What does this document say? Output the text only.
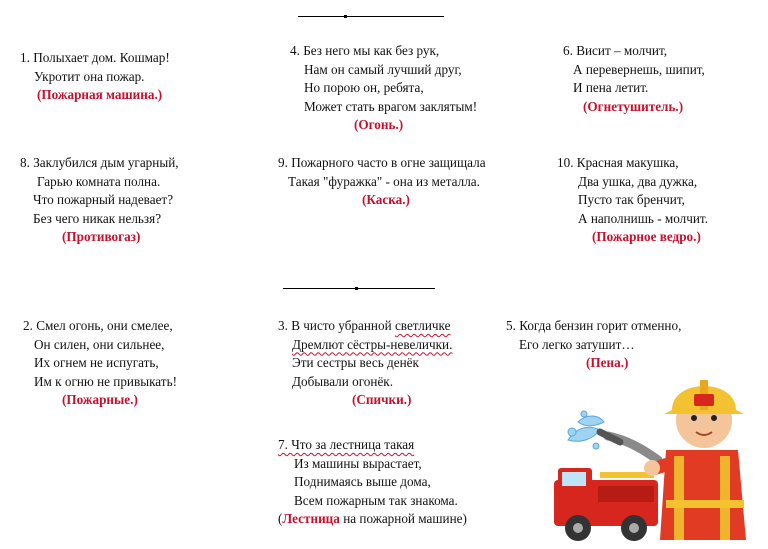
1. Полыхает дом. Кошмар!
Укротит она пожар.
(Пожарная машина.)
4. Без него мы как без рук,
Нам он самый лучший друг,
Но порою он, ребята,
Может стать врагом заклятым!
(Огонь.)
6. Висит – молчит,
А перевернешь, шипит,
И пена летит.
(Огнетушитель.)
8. Заклубился дым угарный,
Гарью комната полна.
Что пожарный надевает?
Без чего никак нельзя?
(Противогаз)
9. Пожарного часто в огне защищала
Такая "фуражка" - она из металла.
(Каска.)
10. Красная макушка,
Два ушка, два дужка,
Пусто так бренчит,
А наполнишь - молчит.
(Пожарное ведро.)
2. Смел огонь, они смелее,
Он силен, они сильнее,
Их огнем не испугать,
Им к огню не привыкать!
(Пожарные.)
3. В чисто убранной светличке
Дремлют сёстры-невелички.
Эти сестры весь денёк
Добывали огонёк.
(Спички.)
5. Когда бензин горит отменно,
Его легко затушит…
(Пена.)
7. Что за лестница такая
Из машины вырастает,
Поднимаясь выше дома,
Всем пожарным так знакома.
(Лестница на пожарной машине)
